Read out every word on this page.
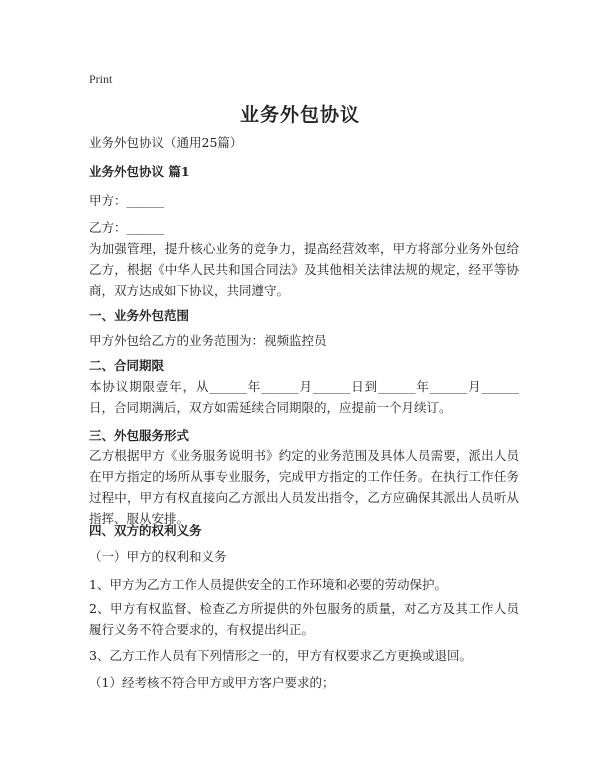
Print
业务外包协议
业务外包协议（通用25篇）
业务外包协议 篇1
甲方：______
乙方：______
为加强管理，提升核心业务的竞争力，提高经营效率，甲方将部分业务外包给乙方，根据《中华人民共和国合同法》及其他相关法律法规的规定，经平等协商，双方达成如下协议，共同遵守。
一、业务外包范围
甲方外包给乙方的业务范围为：视频监控员
二、合同期限
本协议期限壹年，从______年______月______日到______年______月______日，合同期满后，双方如需延续合同期限的，应提前一个月续订。
三、外包服务形式
乙方根据甲方《业务服务说明书》约定的业务范围及具体人员需要，派出人员在甲方指定的场所从事专业服务，完成甲方指定的工作任务。在执行工作任务过程中，甲方有权直接向乙方派出人员发出指令，乙方应确保其派出人员听从指挥、服从安排。
四、双方的权利义务
（一）甲方的权利和义务
1、甲方为乙方工作人员提供安全的工作环境和必要的劳动保护。
2、甲方有权监督、检查乙方所提供的外包服务的质量，对乙方及其工作人员履行义务不符合要求的，有权提出纠正。
3、乙方工作人员有下列情形之一的，甲方有权要求乙方更换或退回。
（1）经考核不符合甲方或甲方客户要求的；
